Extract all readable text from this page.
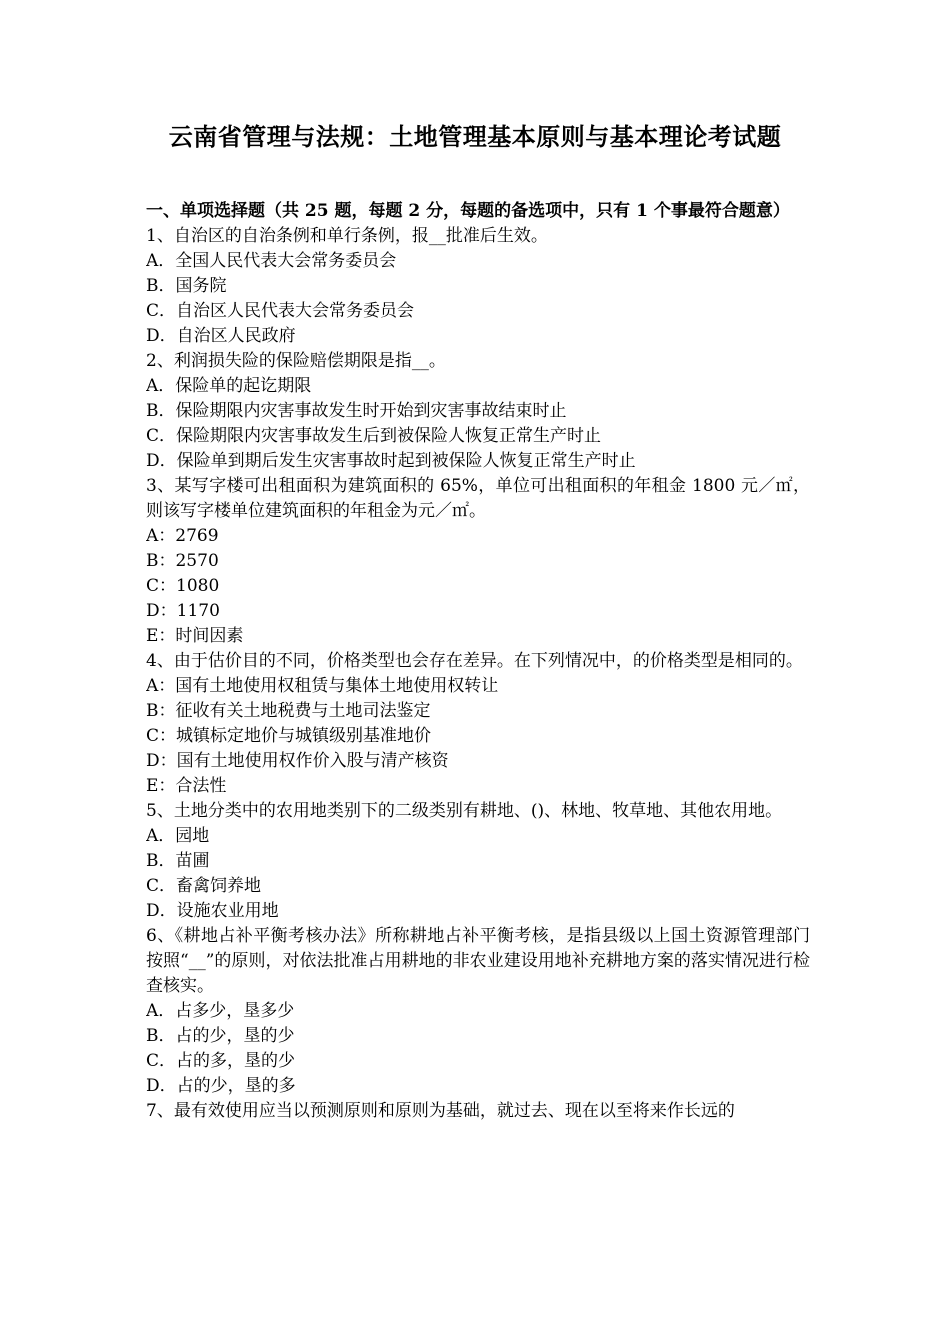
云南省管理与法规：土地管理基本原则与基本理论考试题
一、单项选择题（共 25 题，每题 2 分，每题的备选项中，只有 1 个事最符合题意）
1、自治区的自治条例和单行条例，报__批准后生效。
A．全国人民代表大会常务委员会
B．国务院
C．自治区人民代表大会常务委员会
D．自治区人民政府
2、利润损失险的保险赔偿期限是指__。
A．保险单的起讫期限
B．保险期限内灾害事故发生时开始到灾害事故结束时止
C．保险期限内灾害事故发生后到被保险人恢复正常生产时止
D．保险单到期后发生灾害事故时起到被保险人恢复正常生产时止
3、某写字楼可出租面积为建筑面积的 65%，单位可出租面积的年租金 1800 元／㎡，则该写字楼单位建筑面积的年租金为元／㎡。
A：2769
B：2570
C：1080
D：1170
E：时间因素
4、由于估价目的不同，价格类型也会存在差异。在下列情况中，的价格类型是相同的。
A：国有土地使用权租赁与集体土地使用权转让
B：征收有关土地税费与土地司法鉴定
C：城镇标定地价与城镇级别基准地价
D：国有土地使用权作价入股与清产核资
E：合法性
5、土地分类中的农用地类别下的二级类别有耕地、()、林地、牧草地、其他农用地。
A．园地
B．苗圃
C．畜禽饲养地
D．设施农业用地
6、《耕地占补平衡考核办法》所称耕地占补平衡考核，是指县级以上国土资源管理部门按照“__”的原则，对依法批准占用耕地的非农业建设用地补充耕地方案的落实情况进行检查核实。
A．占多少，垦多少
B．占的少，垦的少
C．占的多，垦的少
D．占的少，垦的多
7、最有效使用应当以预测原则和原则为基础，就过去、现在以至将来作长远的
